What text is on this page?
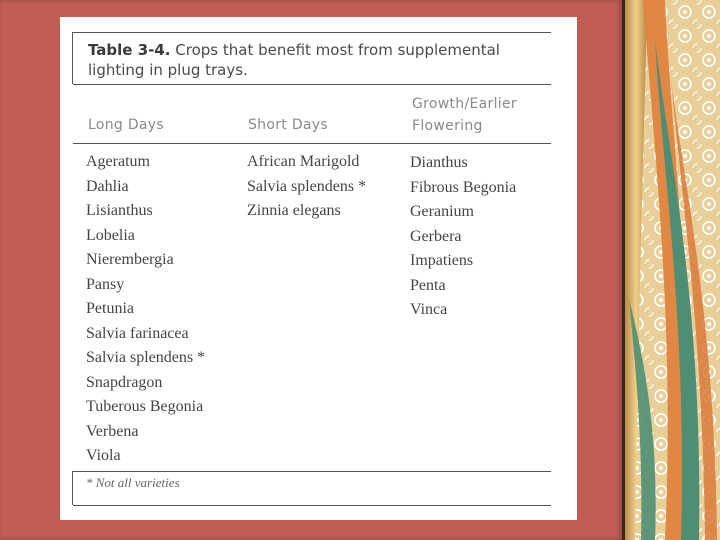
Table 3-4. Crops that benefit most from supplemental lighting in plug trays.
Long Days	Short Days
Growth/Earlier
Flowering
Ageratum
Dahlia
Lisianthus
Lobelia
Nierembergia
Pansy
Petunia
Salvia farinacea
Salvia splendens *
Snapdragon
Tuberous Begonia
Verbena
Viola
African Marigold
Salvia splendens *
Zinnia elegans
Dianthus
Fibrous Begonia
Geranium
Gerbera
Impatiens
Penta
Vinca
* Not all varieties
